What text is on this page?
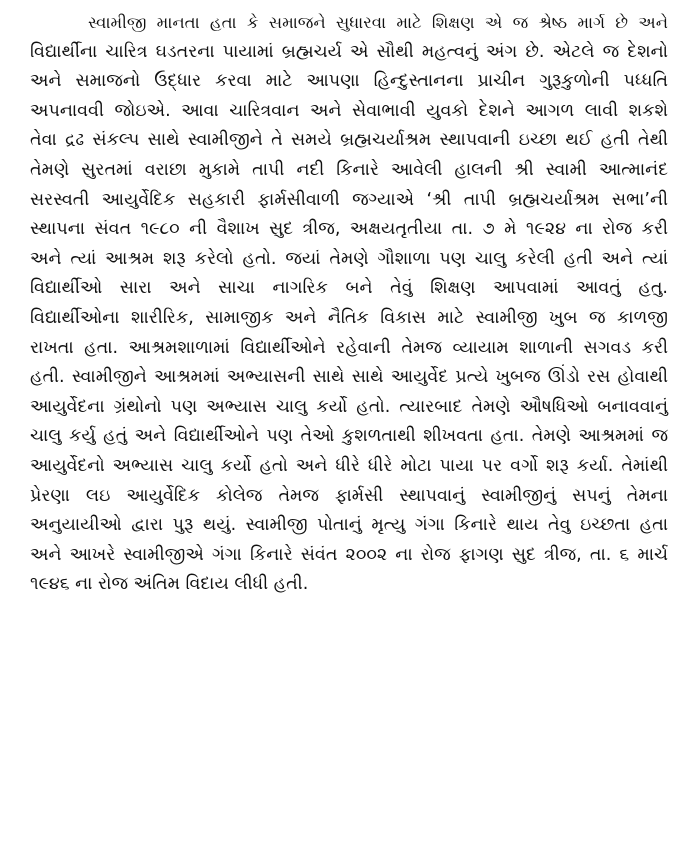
સ્વામીજી માનતા હતા કે સમાજને સુધારવા માટે શિક્ષણ એ જ શ્રેષ્ઠ માર્ગ છે અને
વિદ્યાર્થીના ચારિત્ર ઘડતરના પાયામાં બ્રહ્મચર્ય એ સૌથી મહત્વનું અંગ છે. એટલે જ દેશનો
અને સમાજનો ઉદ્ધાર કરવા માટે આપણા હિન્દુસ્તાનના પ્રાચીન ગુરૂકુળોની પધ્ધતિ
અપનાવવી જોઇએ. આવા ચારિત્રવાન અને સેવાભાવી યુવકો દેશને આગળ લાવી શકશે
તેવા દ્રઢ સંકલ્પ સાથે સ્વામીજીને તે સમયે બ્રહ્મચર્યાશ્રમ સ્થાપવાની ઇચ્છા થઈ હતી તેથી
તેમણે સુરતમાં વરાછા મુકામે તાપી નદી કિનારે આવેલી હાલની શ્રી સ્વામી આત્માનંદ
સરસ્વતી આયુર્વેદિક સહકારી ફાર્મસીવાળી જગ્યાએ ‘શ્રી તાપી બ્રહ્મચર્યાશ્રમ સભા’ની
સ્થાપના સંવત ૧૯૮૦ ની વૈશાખ સુદ ત્રીજ, અક્ષયતૃતીયા તા. ૭ મે ૧૯૨૪ ના રોજ કરી
અને ત્યાં આશ્રમ શરૂ કરેલો હતો. જયાં તેમણે ગૌશાળા પણ ચાલુ કરેલી હતી અને ત્યાં
વિદ્યાર્થીઓ સારા અને સાચા નાગરિક બને તેવું શિક્ષણ આપવામાં આવતું હતુ.
વિદ્યાર્થીઓના શારીરિક, સામાજીક અને નૈતિક વિકાસ માટે સ્વામીજી ખુબ જ કાળજી
રાખતા હતા. આશ્રમશાળામાં વિદ્યાર્થીઓને રહેવાની તેમજ વ્યાયામ શાળાની સગવડ કરી
હતી. સ્વામીજીને આશ્રમમાં અભ્યાસની સાથે સાથે આયુર્વેદ પ્રત્યે ખુબજ ઊંડો રસ હોવાથી
આયુર્વેદના ગ્રંથોનો પણ અભ્યાસ ચાલુ કર્યો હતો. ત્યારબાદ તેમણે ઔષધિઓ બનાવવાનું
ચાલુ કર્યુ હતું અને વિદ્યાર્થીઓને પણ તેઓ કુશળતાથી શીખવતા હતા. તેમણે આશ્રમમાં જ
આયુર્વેદનો અભ્યાસ ચાલુ કર્યો હતો અને ધીરે ધીરે મોટા પાયા પર વર્ગો શરૂ કર્યા. તેમાંથી
પ્રેરણા લઇ આયુર્વેદિક કોલેજ તેમજ ફાર્મસી સ્થાપવાનું સ્વામીજીનું સપનું તેમના
અનુયાયીઓ દ્વારા પુરૂ થયું. સ્વામીજી પોતાનું મૃત્યુ ગંગા કિનારે થાય તેવુ ઇચ્છતા હતા
અને આખરે સ્વામીજીએ ગંગા કિનારે સંવંત ૨૦૦૨ ના રોજ ફાગણ સુદ ત્રીજ, તા. ૬ માર્ચ
૧૯૪૬ ના રોજ અંતિમ વિદાય લીધી હતી.
